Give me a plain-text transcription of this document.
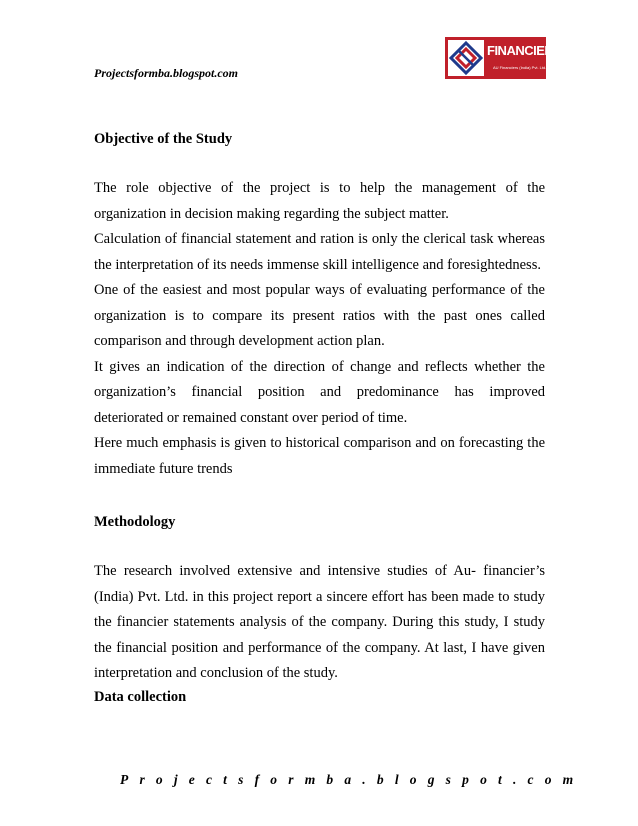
Projectsformba.blogspot.com
FINANCIERs
AU Financiers (India) Pvt. Ltd.
Objective of the Study

The role objective of the project is to help the management of the organization in decision making regarding the subject matter.

Calculation of financial statement and ration is only the clerical task whereas the interpretation of its needs immense skill intelligence and foresightedness.

One of the easiest and most popular ways of evaluating performance of the organization is to compare its present ratios with the past ones called comparison and through development action plan.

It gives an indication of the direction of change and reflects whether the organization’s financial position and predominance has improved deteriorated or remained constant over period of time.

Here much emphasis is given to historical comparison and on forecasting the immediate future trends

Methodology

The research involved extensive and intensive studies of Au- financier’s (India) Pvt. Ltd. in this project report a sincere effort has been made to study the financier statements analysis of the company. During this study, I study the financial position and performance of the company. At last, I have given interpretation and conclusion of the study.

Data collection
Projectsformba.blogspot.com
